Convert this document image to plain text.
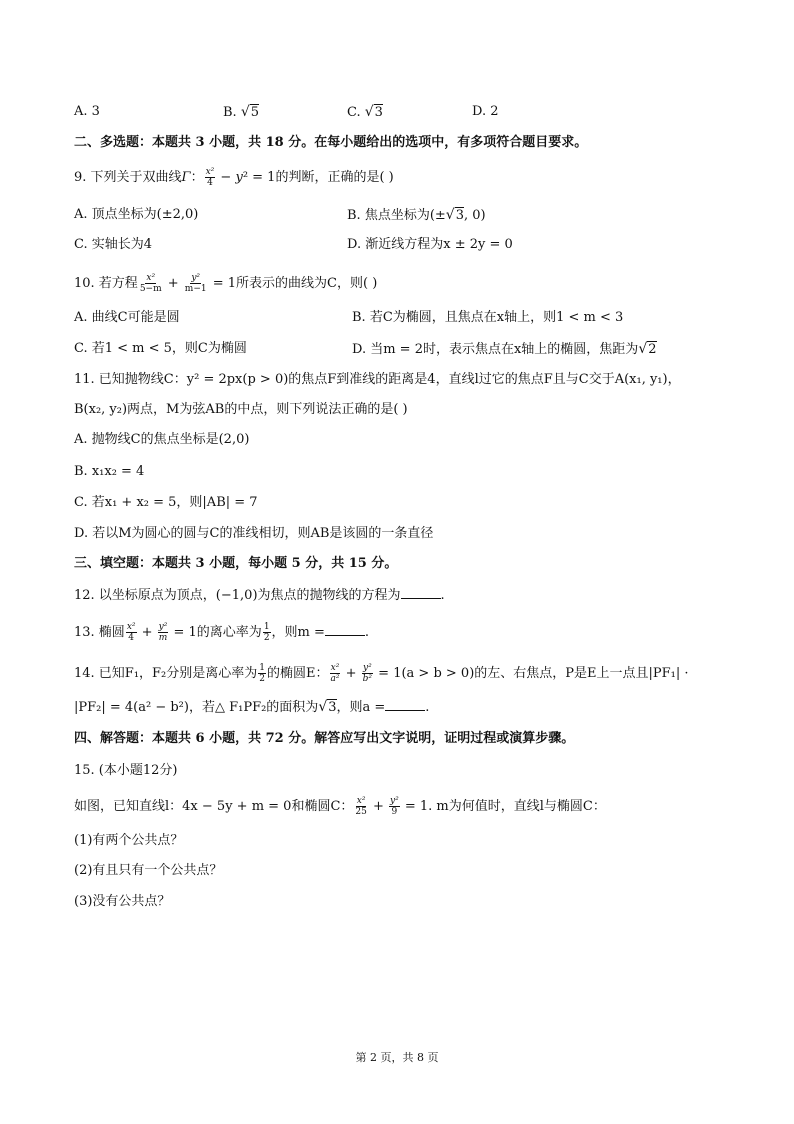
A. 3	B. √5	C. √3	D. 2
二、多选题：本题共 3 小题，共 18 分。在每小题给出的选项中，有多项符合题目要求。
9. 下列关于双曲线Γ： $\frac{\text{x²}}{4} - y^2 = 1$的判断，正确的是( )
A. 顶点坐标为(±2,0)	B. 焦点坐标为(±√3, 0)
C. 实轴长为4	D. 渐近线方程为x ± 2y = 0
10. 若方程 $\frac{\text{x²}}{5-m} + \frac{\text{y²}}{m-1} = 1$所表示的曲线为C，则( )
A. 曲线C可能是圆	B. 若C为椭圆，且焦点在x轴上，则1 < m < 3
C. 若1 < m < 5，则C为椭圆	D. 当m = 2时，表示焦点在x轴上的椭圆，焦距为√2
11. 已知抛物线C：y² = 2px(p > 0)的焦点F到准线的距离是4，直线l过它的焦点F且与C交于A(x₁, y₁)，
B(x₂, y₂)两点，M为弦AB的中点，则下列说法正确的是( )
A. 抛物线C的焦点坐标是(2,0)
B. x₁x₂ = 4
C. 若x₁ + x₂ = 5，则|AB| = 7
D. 若以M为圆心的圆与C的准线相切，则AB是该圆的一条直径
三、填空题：本题共 3 小题，每小题 5 分，共 15 分。
12. 以坐标原点为顶点，(−1,0)为焦点的抛物线的方程为	.
13. 椭圆 $\frac{\text{x²}}{4} + \frac{\text{y²}}{m} = 1$的离心率为 $\frac{1}{2}$ ，则m =	.
14. 已知F₁，F₂分别是离心率为 $\frac{1}{2}$ 的椭圆E： $\frac{\text{x²}}{\text{a²}} + \frac{\text{y²}}{\text{b²}} = 1(a > b > 0)$的左、右焦点，P是E上一点且|PF₁| ·
|PF₂| = 4(a² − b²)，若△ F₁PF₂的面积为√3，则a =	.
四、解答题：本题共 6 小题，共 72 分。解答应写出文字说明，证明过程或演算步骤。
15. (本小题12分)
如图，已知直线l：4x − 5y + m = 0和椭圆C： $\frac{\text{x²}}{25} + \frac{\text{y²}}{9} = 1$. m为何值时，直线l与椭圆C：
(1)有两个公共点？
(2)有且只有一个公共点？
(3)没有公共点？
第 2 页，共 8 页
